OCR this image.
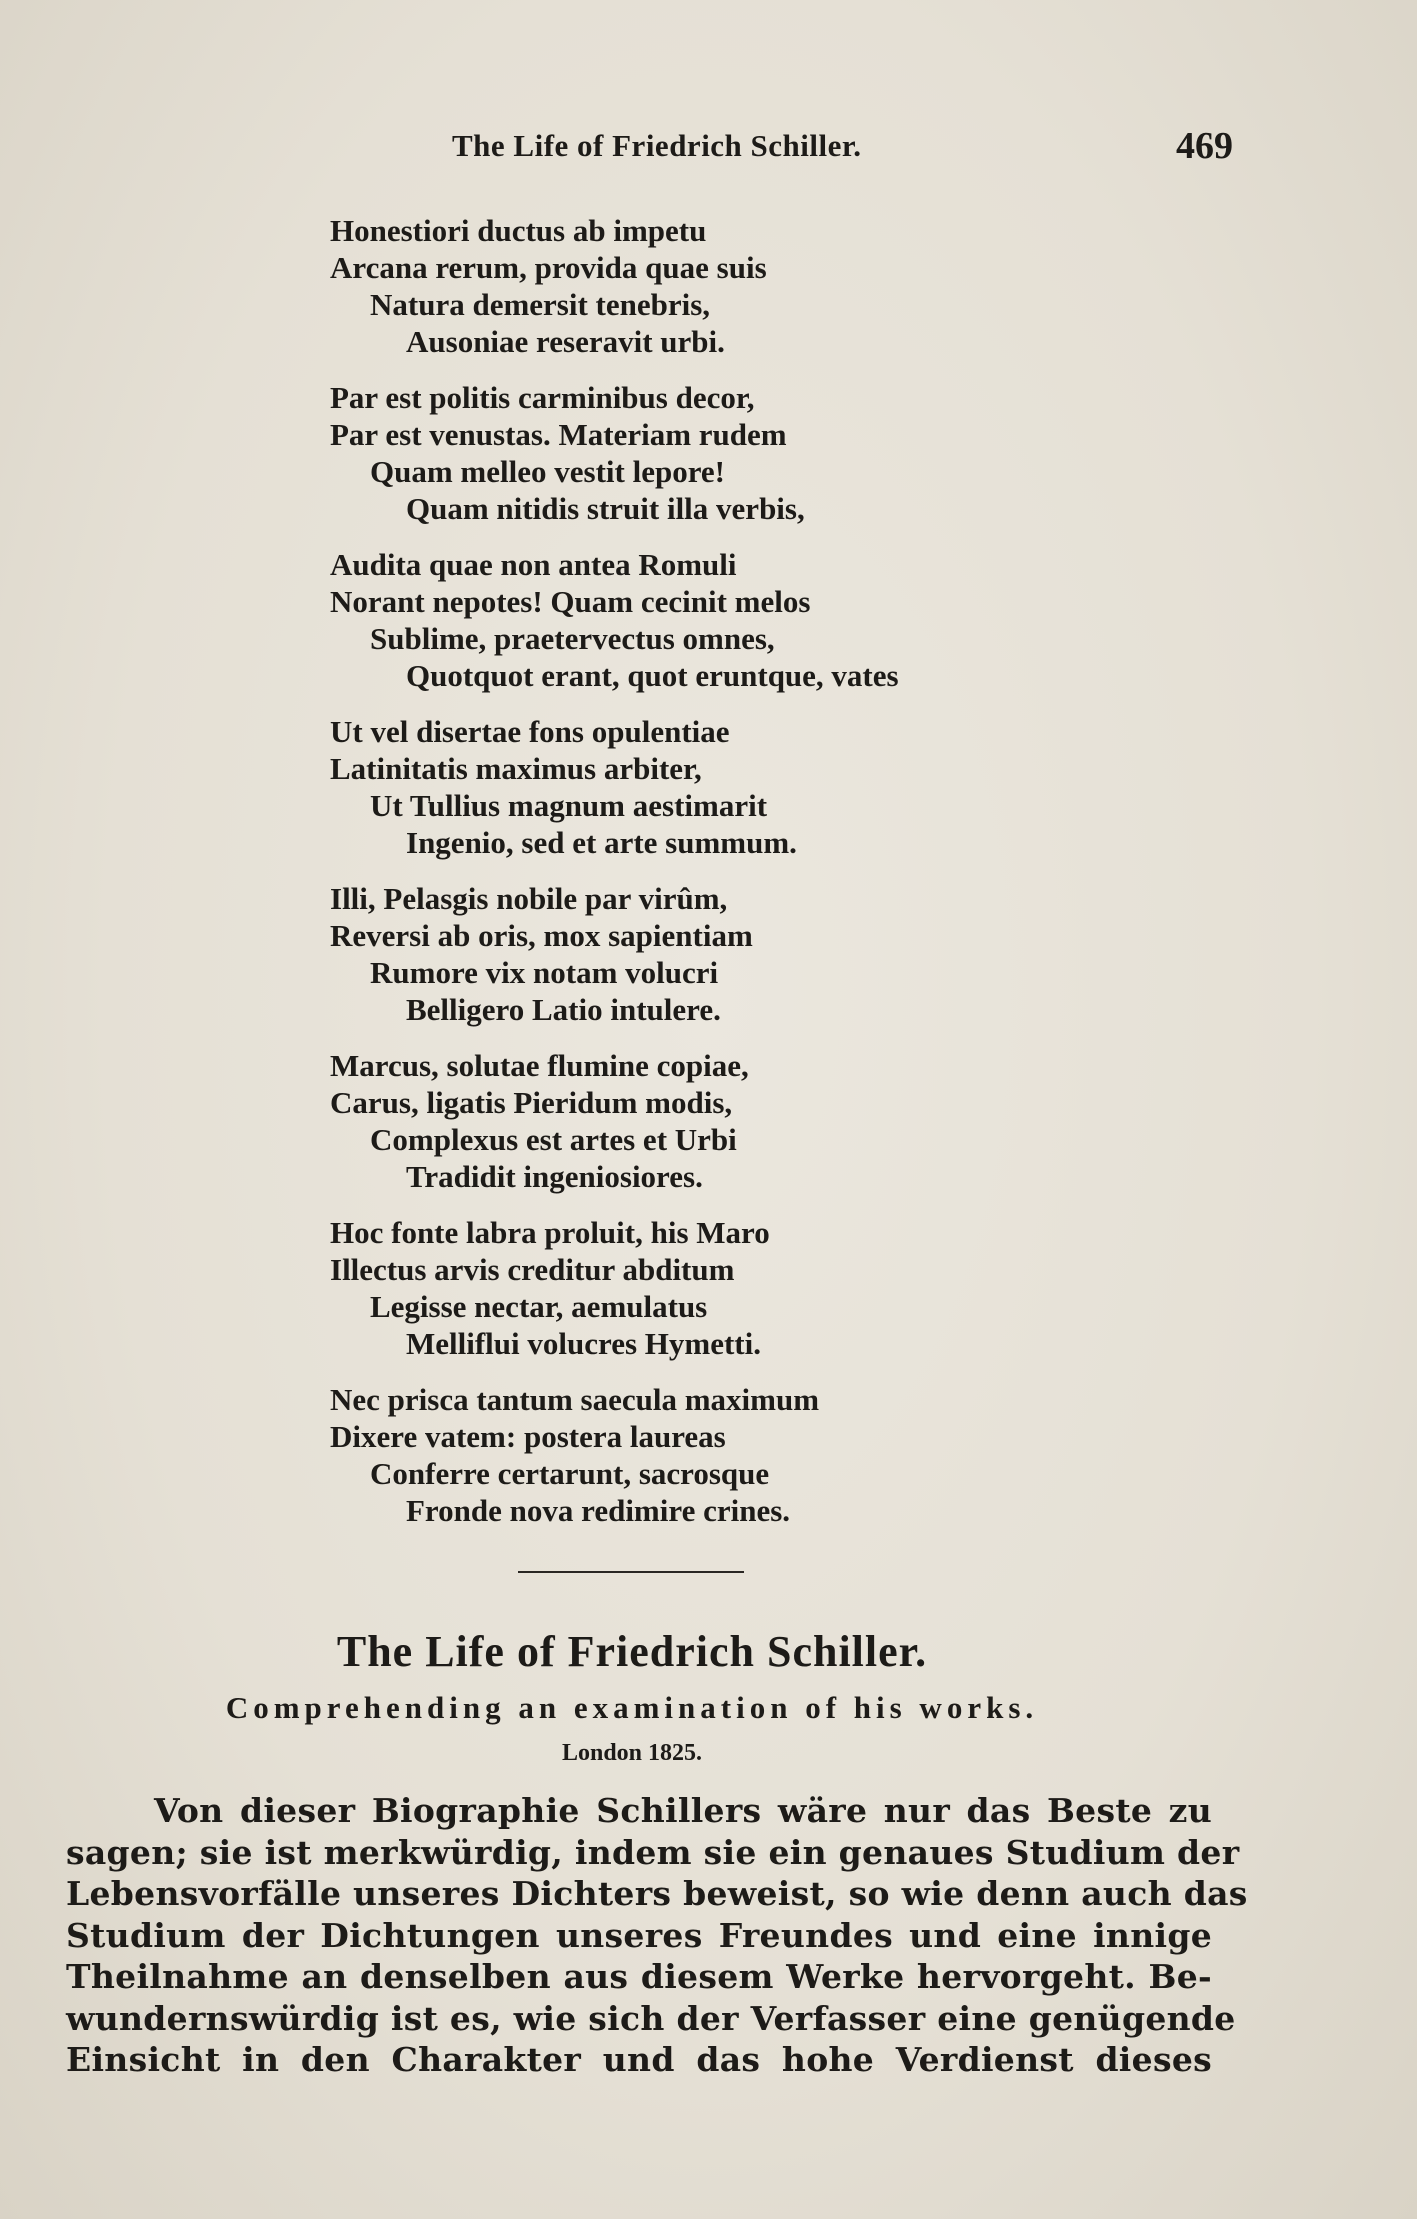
The Life of Friedrich Schiller.	469
Honestiori ductus ab impetu
Arcana rerum, provida quae suis
Natura demersit tenebris,
Ausoniae reseravit urbi.
Par est politis carminibus decor,
Par est venustas. Materiam rudem
Quam melleo vestit lepore!
Quam nitidis struit illa verbis,
Audita quae non antea Romuli
Norant nepotes! Quam cecinit melos
Sublime, praetervectus omnes,
Quotquot erant, quot eruntque, vates
Ut vel disertae fons opulentiae
Latinitatis maximus arbiter,
Ut Tullius magnum aestimarit
Ingenio, sed et arte summum.
Illi, Pelasgis nobile par virûm,
Reversi ab oris, mox sapientiam
Rumore vix notam volucri
Belligero Latio intulere.
Marcus, solutae flumine copiae,
Carus, ligatis Pieridum modis,
Complexus est artes et Urbi
Tradidit ingeniosiores.
Hoc fonte labra proluit, his Maro
Illectus arvis creditur abditum
Legisse nectar, aemulatus
Mellifluі volucres Hymetti.
Nec prisca tantum saecula maximum
Dixere vatem: postera laureas
Conferre certarunt, sacrosque
Fronde nova redimire crines.
The Life of Friedrich Schiller.
Comprehending an examination of his works.
London 1825.
Von dieser Biographie Schillers wäre nur das Beste zu
sagen; sie ist merkwürdig, indem sie ein genaues Studium der
Lebensvorfälle unseres Dichters beweist, so wie denn auch das
Studium der Dichtungen unseres Freundes und eine innige
Theilnahme an denselben aus diesem Werke hervorgeht. Be-
wundernswürdig ist es, wie sich der Verfasser eine genügende
Einsicht in den Charakter und das hohe Verdienst dieses
